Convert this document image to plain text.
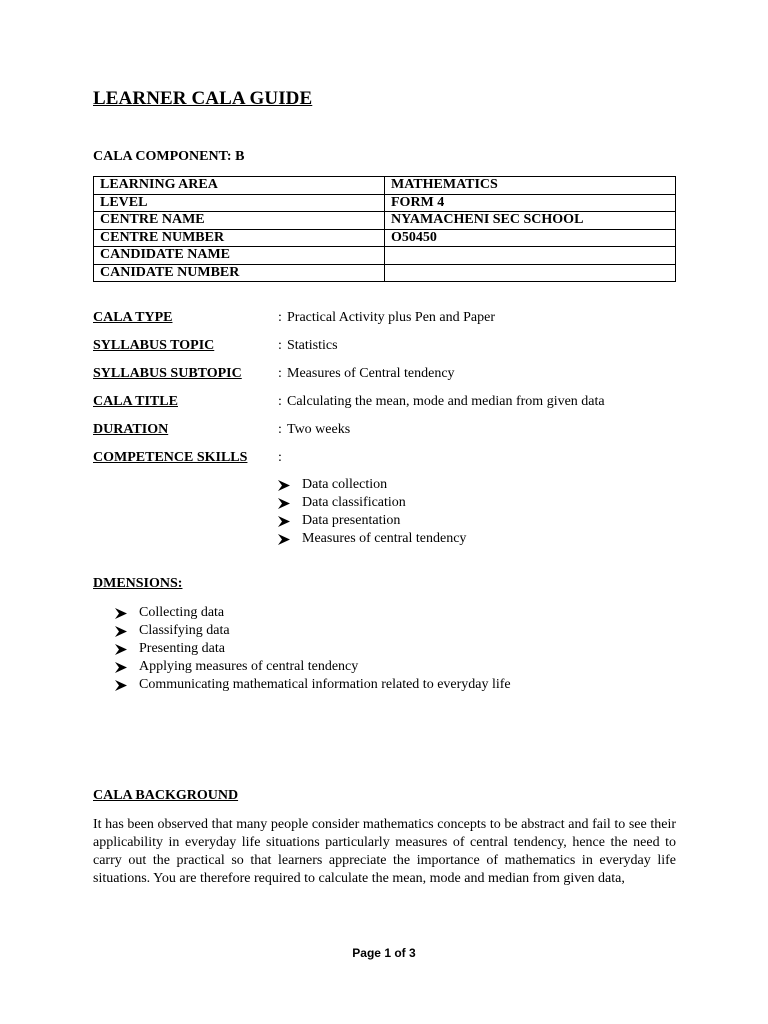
LEARNER CALA GUIDE
CALA COMPONENT: B
LEARNING AREA	MATHEMATICS
LEVEL	FORM 4
CENTRE NAME	NYAMACHENI SEC SCHOOL
CENTRE NUMBER	O50450
CANDIDATE NAME	
CANIDATE NUMBER	
CALA TYPE	: Practical Activity plus Pen and Paper
SYLLABUS TOPIC	: Statistics
SYLLABUS SUBTOPIC	: Measures of Central tendency
CALA TITLE	: Calculating the mean, mode and median from given data
DURATION	: Two weeks
COMPETENCE SKILLS :
Data collection
Data classification
Data presentation
Measures of central tendency
DMENSIONS:
Collecting data
Classifying data
Presenting data
Applying measures of central tendency
Communicating mathematical information related to everyday life
CALA BACKGROUND

It has been observed that many people consider mathematics concepts to be abstract and fail to see their applicability in everyday life situations particularly measures of central tendency, hence the need to carry out the practical so that learners appreciate the importance of mathematics in everyday life situations. You are therefore required to calculate the mean, mode and median from given data,

Page 1 of 3
